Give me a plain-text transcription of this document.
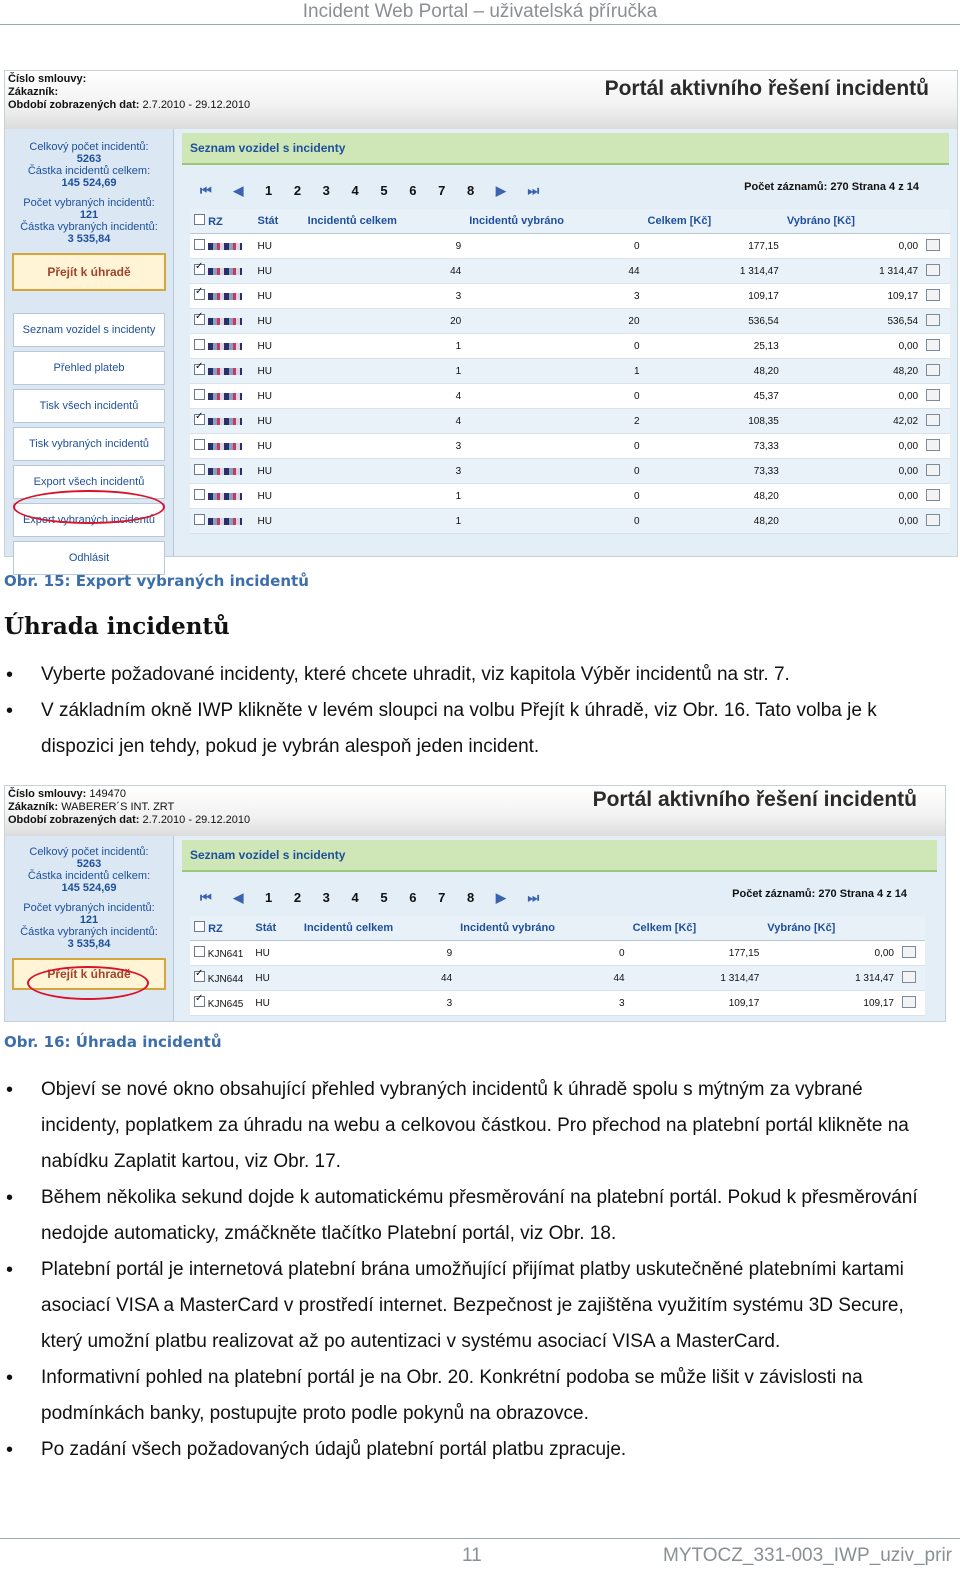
Incident Web Portal – uživatelská příručka
Číslo smlouvy:
Zákazník:
Období zobrazených dat: 2.7.2010 - 29.12.2010
Portál aktivního řešení incidentů
Celkový počet incidentů:
5263
Částka incidentů celkem:
145 524,69
Počet vybraných incidentů:
121
Částka vybraných incidentů:
3 535,84
Přejít k úhradě
Seznam vozidel s incidenty
Přehled plateb
Tisk všech incidentů
Tisk vybraných incidentů
Export všech incidentů
Export vybraných incidentů
Odhlásit
Seznam vozidel s incidenty
⏮ ◀ 1 2 3 4 5 6 7 8 ▶ ⏭	Počet záznamů: 270 Strana 4 z 14
RZ	Stát	Incidentů celkem	Incidentů vybráno	Celkem [Kč]	Vybráno [Kč]	
	HU	9	0	177,15	0,00	
✓	HU	44	44	1 314,47	1 314,47	
✓	HU	3	3	109,17	109,17	
✓	HU	20	20	536,54	536,54	
	HU	1	0	25,13	0,00	
✓	HU	1	1	48,20	48,20	
	HU	4	0	45,37	0,00	
✓	HU	4	2	108,35	42,02	
	HU	3	0	73,33	0,00	
	HU	3	0	73,33	0,00	
	HU	1	0	48,20	0,00	
	HU	1	0	48,20	0,00	
Obr. 15: Export vybraných incidentů
Úhrada incidentů
• Vyberte požadované incidenty, které chcete uhradit, viz kapitola Výběr incidentů na str. 7.
• V základním okně IWP klikněte v levém sloupci na volbu Přejít k úhradě, viz Obr. 16. Tato volba je k dispozici jen tehdy, pokud je vybrán alespoň jeden incident.
Číslo smlouvy: 149470
Zákazník: WABERER´S INT. ZRT
Období zobrazených dat: 2.7.2010 - 29.12.2010
Portál aktivního řešení incidentů
Celkový počet incidentů:
5263
Částka incidentů celkem:
145 524,69
Počet vybraných incidentů:
121
Částka vybraných incidentů:
3 535,84
Přejít k úhradě
Seznam vozidel s incidenty
⏮ ◀ 1 2 3 4 5 6 7 8 ▶ ⏭	Počet záznamů: 270 Strana 4 z 14
RZ	Stát	Incidentů celkem	Incidentů vybráno	Celkem [Kč]	Vybráno [Kč]	
KJN641	HU	9	0	177,15	0,00	
✓ KJN644	HU	44	44	1 314,47	1 314,47	
✓ KJN645	HU	3	3	109,17	109,17	
Obr. 16: Úhrada incidentů
• Objeví se nové okno obsahující přehled vybraných incidentů k úhradě spolu s mýtným za vybrané incidenty, poplatkem za úhradu na webu a celkovou částkou. Pro přechod na platební portál klikněte na nabídku Zaplatit kartou, viz Obr. 17.
• Během několika sekund dojde k automatickému přesměrování na platební portál. Pokud k přesměrování nedojde automaticky, zmáčkněte tlačítko Platební portál, viz Obr. 18.
• Platební portál je internetová platební brána umožňující přijímat platby uskutečněné platebními kartami asociací VISA a MasterCard v prostředí internet. Bezpečnost je zajištěna využitím systému 3D Secure, který umožní platbu realizovat až po autentizaci v systému asociací VISA a MasterCard.
• Informativní pohled na platební portál je na Obr. 20. Konkrétní podoba se může lišit v závislosti na podmínkách banky, postupujte proto podle pokynů na obrazovce.
• Po zadání všech požadovaných údajů platební portál platbu zpracuje.
11	MYTOCZ_331-003_IWP_uziv_prir
